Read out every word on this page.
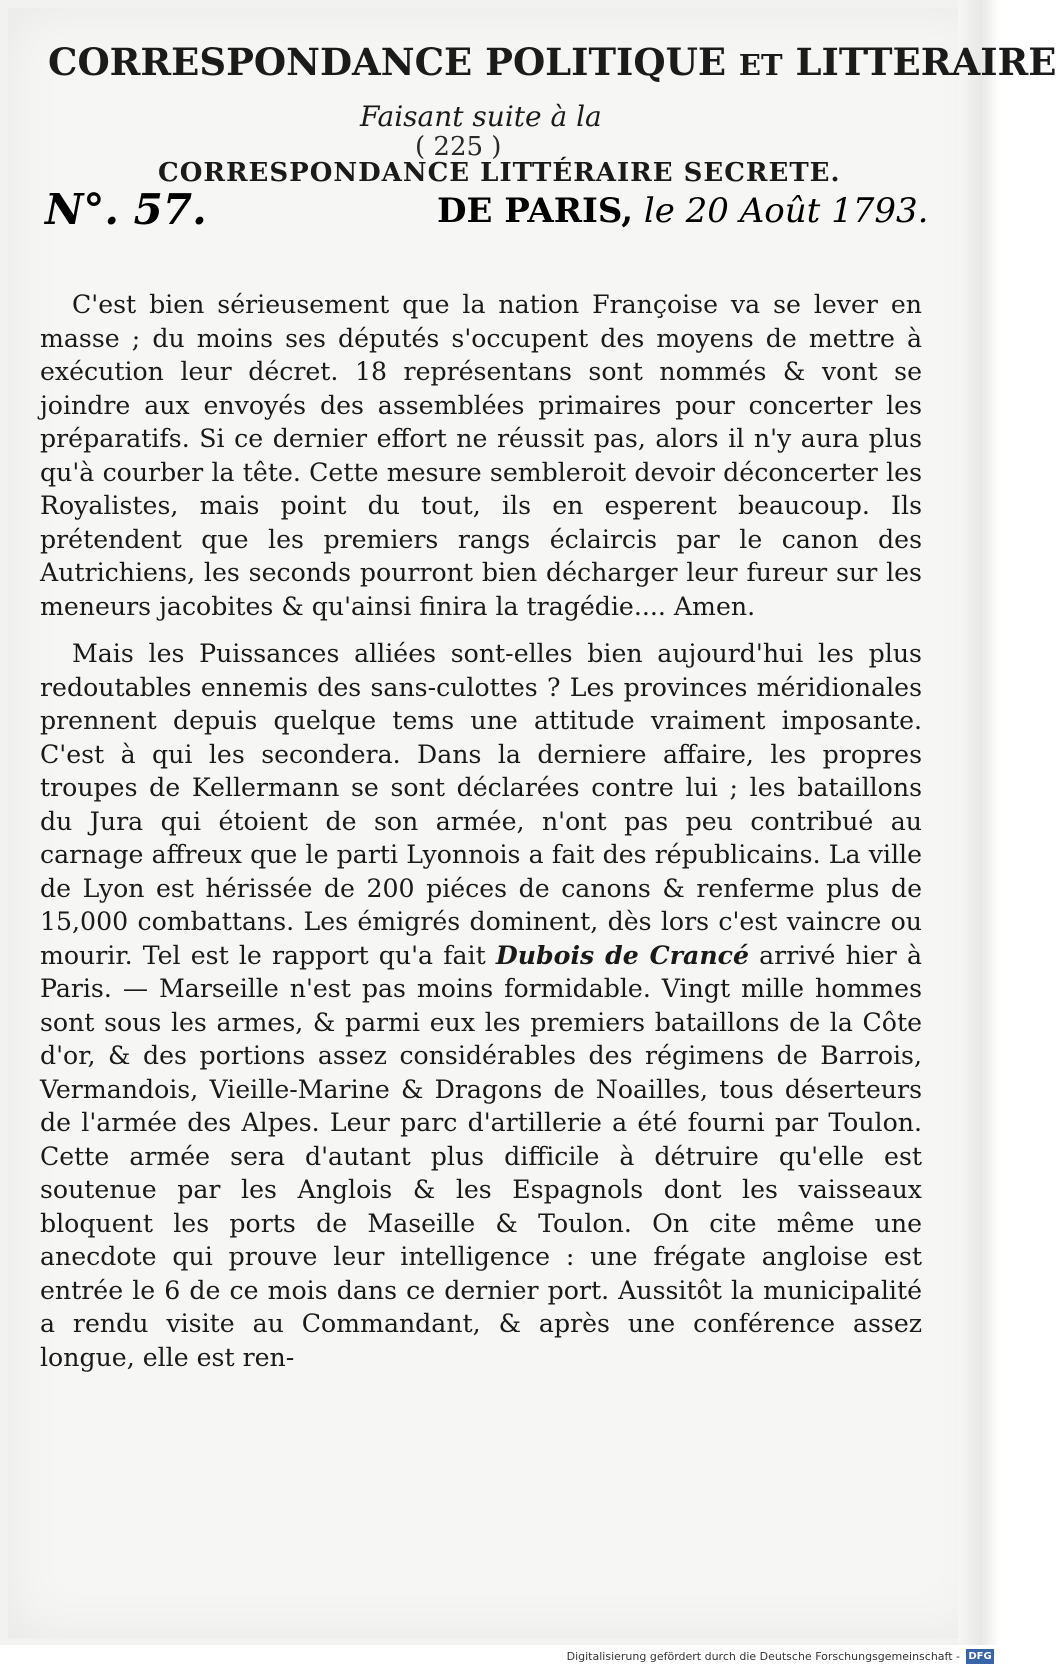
CORRESPONDANCE POLITIQUE ET LITTERAIRE
Faisant suite à la
( 225 )
CORRESPONDANCE LITTÉRAIRE SECRETE.
N°. 57.	DE PARIS, le 20 Août 1793.

C'est bien sérieusement que la nation Françoise va se lever en masse ; du moins ses députés s'occupent des moyens de mettre à exécution leur décret. 18 représentans sont nommés & vont se joindre aux envoyés des assemblées primaires pour concerter les préparatifs. Si ce dernier effort ne réussit pas, alors il n'y aura plus qu'à courber la tête. Cette mesure sembleroit devoir déconcerter les Royalistes, mais point du tout, ils en esperent beaucoup. Ils prétendent que les premiers rangs éclaircis par le canon des Autrichiens, les seconds pourront bien décharger leur fureur sur les meneurs jacobites & qu'ainsi finira la tragédie.... Amen.

Mais les Puissances alliées sont-elles bien aujourd'hui les plus redoutables ennemis des sans-culottes ? Les provinces méridionales prennent depuis quelque tems une attitude vraiment imposante. C'est à qui les secondera. Dans la derniere affaire, les propres troupes de Kellermann se sont déclarées contre lui ; les bataillons du Jura qui étoient de son armée, n'ont pas peu contribué au carnage affreux que le parti Lyonnois a fait des républicains. La ville de Lyon est hérissée de 200 piéces de canons & renferme plus de 15,000 combattans. Les émigrés dominent, dès lors c'est vaincre ou mourir. Tel est le rapport qu'a fait Dubois de Crancé arrivé hier à Paris. — Marseille n'est pas moins formidable. Vingt mille hommes sont sous les armes, & parmi eux les premiers bataillons de la Côte d'or, & des portions assez considérables des régimens de Barrois, Vermandois, Vieille-Marine & Dragons de Noailles, tous déserteurs de l'armée des Alpes. Leur parc d'artillerie a été fourni par Toulon. Cette armée sera d'autant plus difficile à détruire qu'elle est soutenue par les Anglois & les Espagnols dont les vaisseaux bloquent les ports de Maseille & Toulon. On cite même une anecdote qui prouve leur intelligence : une frégate angloise est entrée le 6 de ce mois dans ce dernier port. Aussitôt la municipalité a rendu visite au Commandant, & après une conférence assez longue, elle est ren-

Digitalisierung gefördert durch die Deutsche Forschungsgemeinschaft - DFG
